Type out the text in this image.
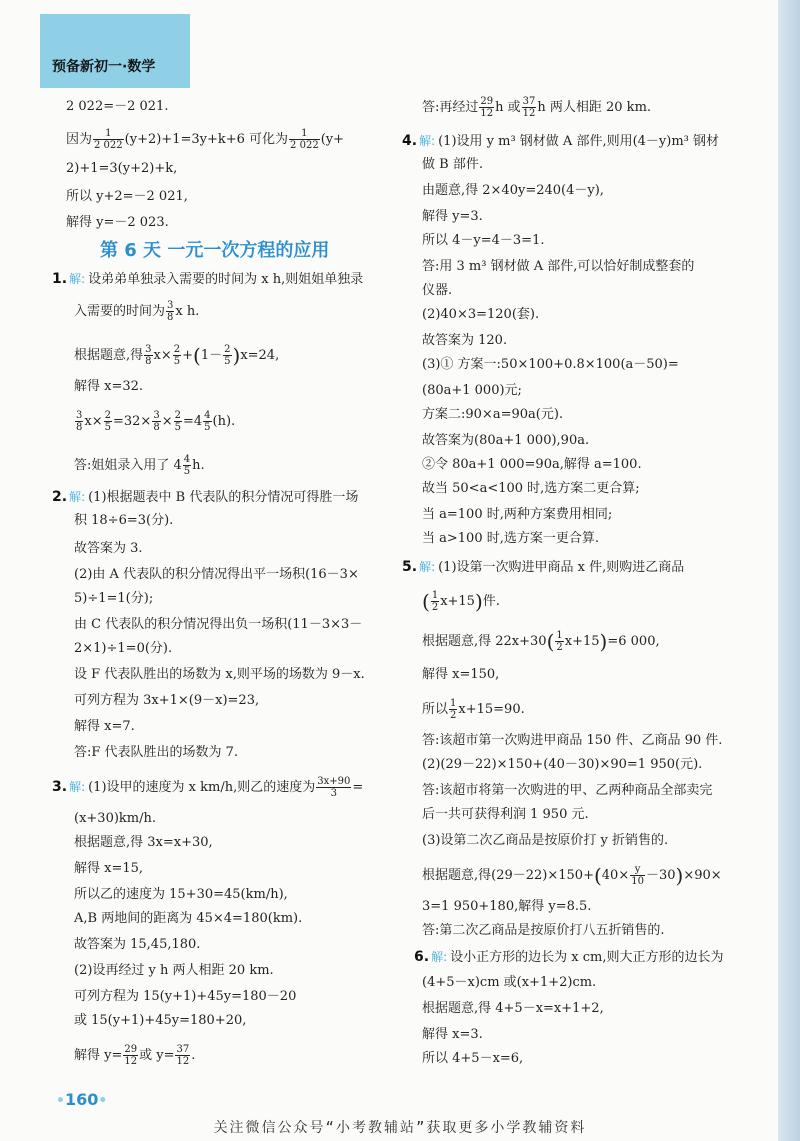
预备新初一·数学
2 022=－2 021.
因为 $\frac{1}{2 022} (y+2)+1=3y+k+6$ 可化为 $\frac{1}{2 022} (y+$
2)+1=3(y+2)+k,
所以 y+2=－2 021,
解得 y=－2 023.
第 6 天 一元一次方程的应用
1. 解: 设弟弟单独录入需要的时间为 x h,则姐姐单独录
入需要的时间为 $\frac{3}{8}$ x h.
根据题意,得 $\frac{3}{8} x\times \frac{2}{5} +(1- \frac{2}{5} )x=24$,
解得 x=32.
$\frac{3}{8} x\times \frac{2}{5} =32\times \frac{3}{8} \times \frac{2}{5} =4 \frac{4}{5} (h)$.
答:姐姐录入用了 $4 \frac{4}{5} h$.
2. 解: (1)根据题表中 B 代表队的积分情况可得胜一场
积 18÷6=3(分).
故答案为 3.
(2)由 A 代表队的积分情况得出平一场积(16－3×
5)÷1=1(分);
由 C 代表队的积分情况得出负一场积(11－3×3－
2×1)÷1=0(分).
设 F 代表队胜出的场数为 x,则平场的场数为 9－x.
可列方程为 3x+1×(9－x)=23,
解得 x=7.
答:F 代表队胜出的场数为 7.
3. 解: (1)设甲的速度为 x km/h,则乙的速度为 $\frac{3x+90}{3}$ =
(x+30)km/h.
根据题意,得 3x=x+30,
解得 x=15,
所以乙的速度为 15+30=45(km/h),
A,B 两地间的距离为 45×4=180(km).
故答案为 15,45,180.
(2)设再经过 y h 两人相距 20 km.
可列方程为 15(y+1)+45y=180－20
或 15(y+1)+45y=180+20,
解得 $y= \frac{29}{12}$ 或 $y= \frac{37}{12}$ .
答:再经过 $\frac{29}{12}$ h 或 $\frac{37}{12}$ h 两人相距 20 km.
4. 解: (1)设用 y m³ 钢材做 A 部件,则用(4－y)m³ 钢材
做 B 部件.
由题意,得 2×40y=240(4－y),
解得 y=3.
所以 4－y=4－3=1.
答:用 3 m³ 钢材做 A 部件,可以恰好制成整套的
仪器.
(2)40×3=120(套).
故答案为 120.
(3)① 方案一:50×100+0.8×100(a－50)=
(80a+1 000)元;
方案二:90×a=90a(元).
故答案为(80a+1 000),90a.
②令 80a+1 000=90a,解得 a=100.
故当 50<a<100 时,选方案二更合算;
当 a=100 时,两种方案费用相同;
当 a>100 时,选方案一更合算.
5. 解: (1)设第一次购进甲商品 x 件,则购进乙商品
( $\frac{1}{2} x+15$)件.
根据题意,得 $22x+30( \frac{1}{2} x+15)=6$ 000,
解得 x=150,
所以 $\frac{1}{2} x+15=90$.
答:该超市第一次购进甲商品 150 件、乙商品 90 件.
(2)(29－22)×150+(40－30)×90=1 950(元).
答:该超市将第一次购进的甲、乙两种商品全部卖完
后一共可获得利润 1 950 元.
(3)设第二次乙商品是按原价打 y 折销售的.
根据题意,得$(29-22)\times 150+(40\times \frac{y}{10} -30)\times 90\times$
3=1 950+180,解得 y=8.5.
答:第二次乙商品是按原价打八五折销售的.
6. 解: 设小正方形的边长为 x cm,则大正方形的边长为
(4+5－x)cm 或(x+1+2)cm.
根据题意,得 4+5－x=x+1+2,
解得 x=3.
所以 4+5－x=6,
•160•
关注微信公众号“小考教辅站”获取更多小学教辅资料
